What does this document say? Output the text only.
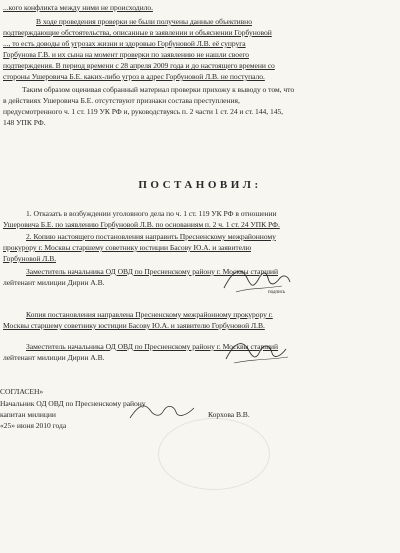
...кого конфликта между ними не происходило.
В ходе проведения проверки не были получены данные объективно
подтверждающие обстоятельства, описанные в заявлении и объяснении Горбуновой
..., то есть доводы об угрозах жизни и здоровью Горбуновой Л.В. её супруга
Горбунова Г.В. и их сына на момент проверки по заявлению не нашли своего
подтверждения. В период времени с 28 апреля 2009 года и до настоящего времени со
стороны Ушеровича Б.Е. каких-либо угроз в адрес Горбуновой Л.В. не поступало.
Таким образом оценивая собранный материал проверки прихожу к выводу о том, что
в действиях Ушеровича Б.Е. отсутствуют признаки состава преступления,
предусмотренного ч. 1 ст. 119 УК РФ и, руководствуясь п. 2 части 1 ст. 24 и ст. 144, 145,
148 УПК РФ.
ПОСТАНОВИЛ:
1. Отказать в возбуждении уголовного дела по ч. 1 ст. 119 УК РФ в отношении
Ушеровича Б.Е. по заявлению Горбуновой Л.В. по основаниям п. 2 ч. 1 ст. 24 УПК РФ.
2. Копию настоящего постановления направить Пресненскому межрайонному
прокурору г. Москвы старшему советнику юстиции Басову Ю.А. и заявителю
Горбуновой Л.В.
Заместитель начальника ОД ОВД по Пресненскому району г. Москвы старший
лейтенант милиции Дирин А.В.
подпись
Копия постановления направлена Пресненскому межрайонному прокурору г.
Москвы старшему советнику юстиции Басову Ю.А. и заявителю Горбуновой Л.В.
Заместитель начальника ОД ОВД по Пресненскому району г. Москвы старший
лейтенант милиции Дирин А.В.
СОГЛАСЕН»
Начальник ОД ОВД по Пресненскому району
капитан милиции	Корхова В.В.
«25» июня 2010 года
